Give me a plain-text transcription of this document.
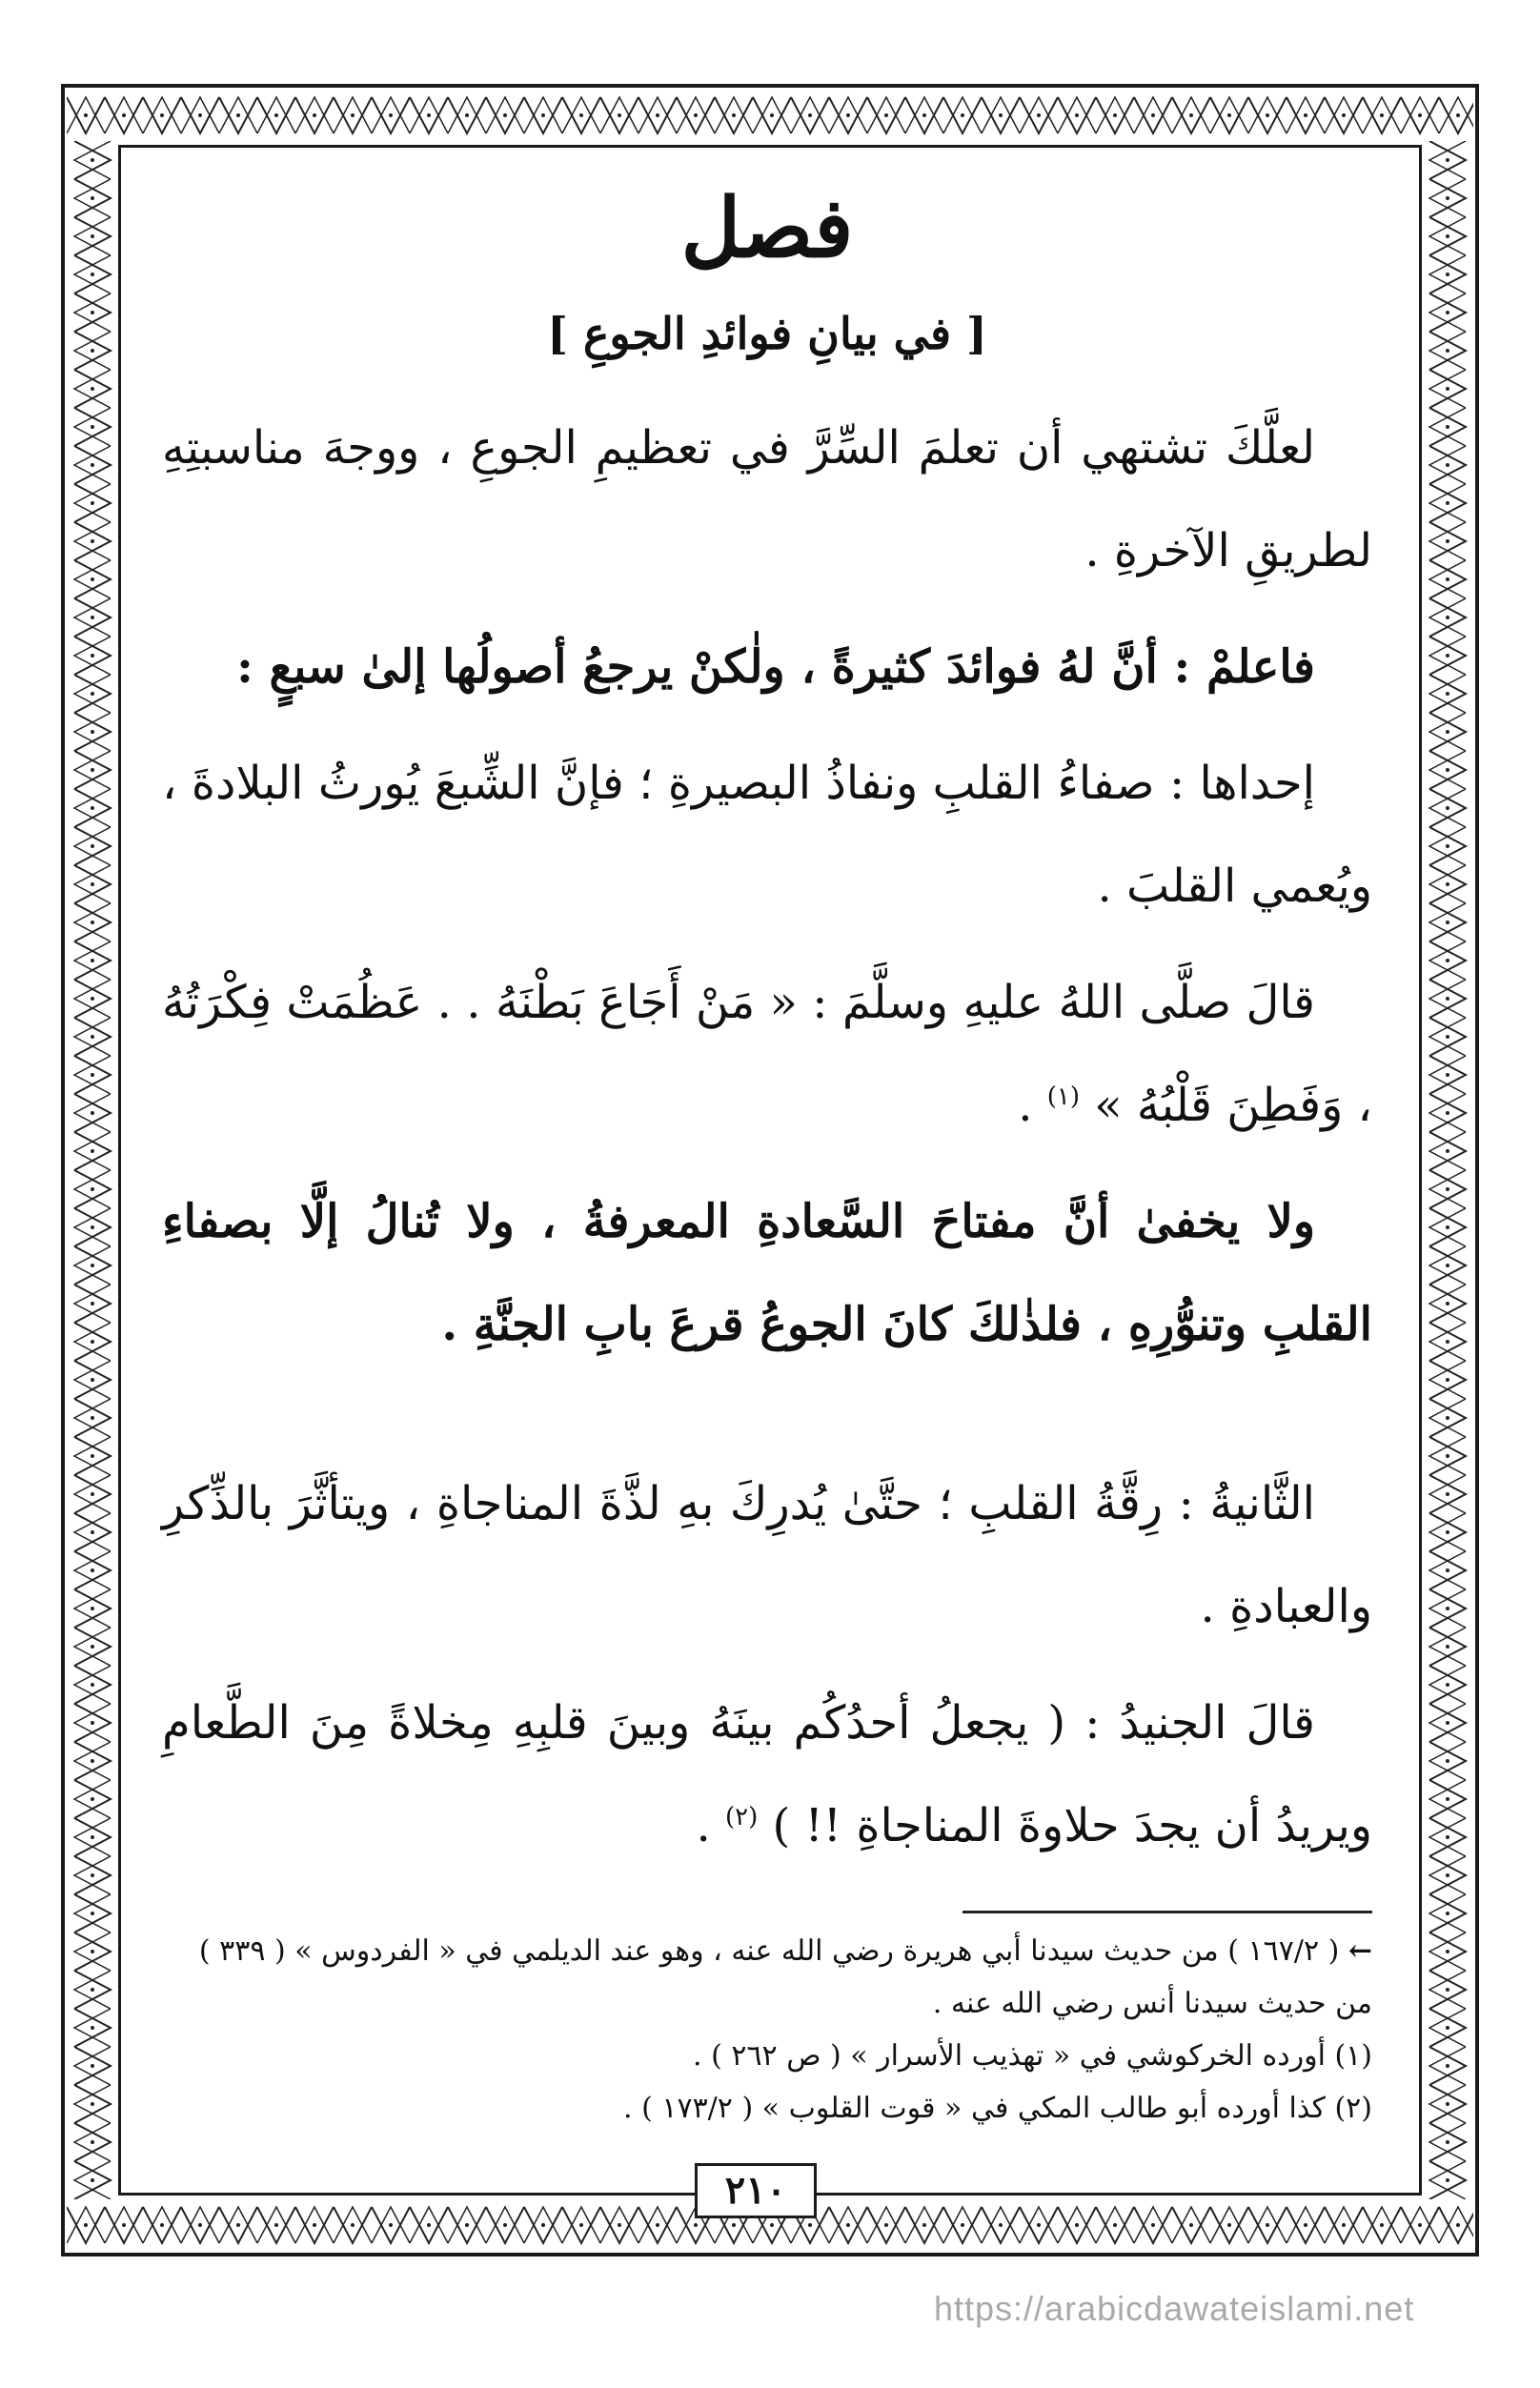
فصل
[ في بيانِ فوائدِ الجوعِ ]

لعلَّكَ تشتهي أن تعلمَ السِّرَّ في تعظيمِ الجوعِ ، ووجهَ مناسبتِهِ لطريقِ الآخرةِ .

فاعلمْ : أنَّ لهُ فوائدَ كثيرةً ، ولٰكنْ يرجعُ أصولُها إلىٰ سبعٍ :

إحداها : صفاءُ القلبِ ونفاذُ البصيرةِ ؛ فإنَّ الشِّبعَ يُورثُ البلادةَ ، ويُعمي القلبَ .

قالَ صلَّى اللهُ عليهِ وسلَّمَ : « مَنْ أَجَاعَ بَطْنَهُ . . عَظُمَتْ فِكْرَتُهُ ، وَفَطِنَ قَلْبُهُ » $^{(١)}$ .

ولا يخفىٰ أنَّ مفتاحَ السَّعادةِ المعرفةُ ، ولا تُنالُ إلَّا بصفاءِ القلبِ وتنوُّرِهِ ، فلذٰلكَ كانَ الجوعُ قرعَ بابِ الجنَّةِ .

الثَّانيةُ : رِقَّةُ القلبِ ؛ حتَّىٰ يُدرِكَ بهِ لذَّةَ المناجاةِ ، ويتأثَّرَ بالذِّكرِ والعبادةِ .

قالَ الجنيدُ : ( يجعلُ أحدُكُم بينَهُ وبينَ قلبِهِ مِخلاةً مِنَ الطَّعامِ ويريدُ أن يجدَ حلاوةَ المناجاةِ !! ) $^{(٢)}$ .

← ( ١٦٧/٢ ) من حديث سيدنا أبي هريرة رضي الله عنه ، وهو عند الديلمي في « الفردوس » ( ٣٣٩ ) من حديث سيدنا أنس رضي الله عنه .

(١) أورده الخركوشي في « تهذيب الأسرار » ( ص ٢٦٢ ) .

(٢) كذا أورده أبو طالب المكي في « قوت القلوب » ( ١٧٣/٢ ) .

٢١٠
https://arabicdawateislami.net
